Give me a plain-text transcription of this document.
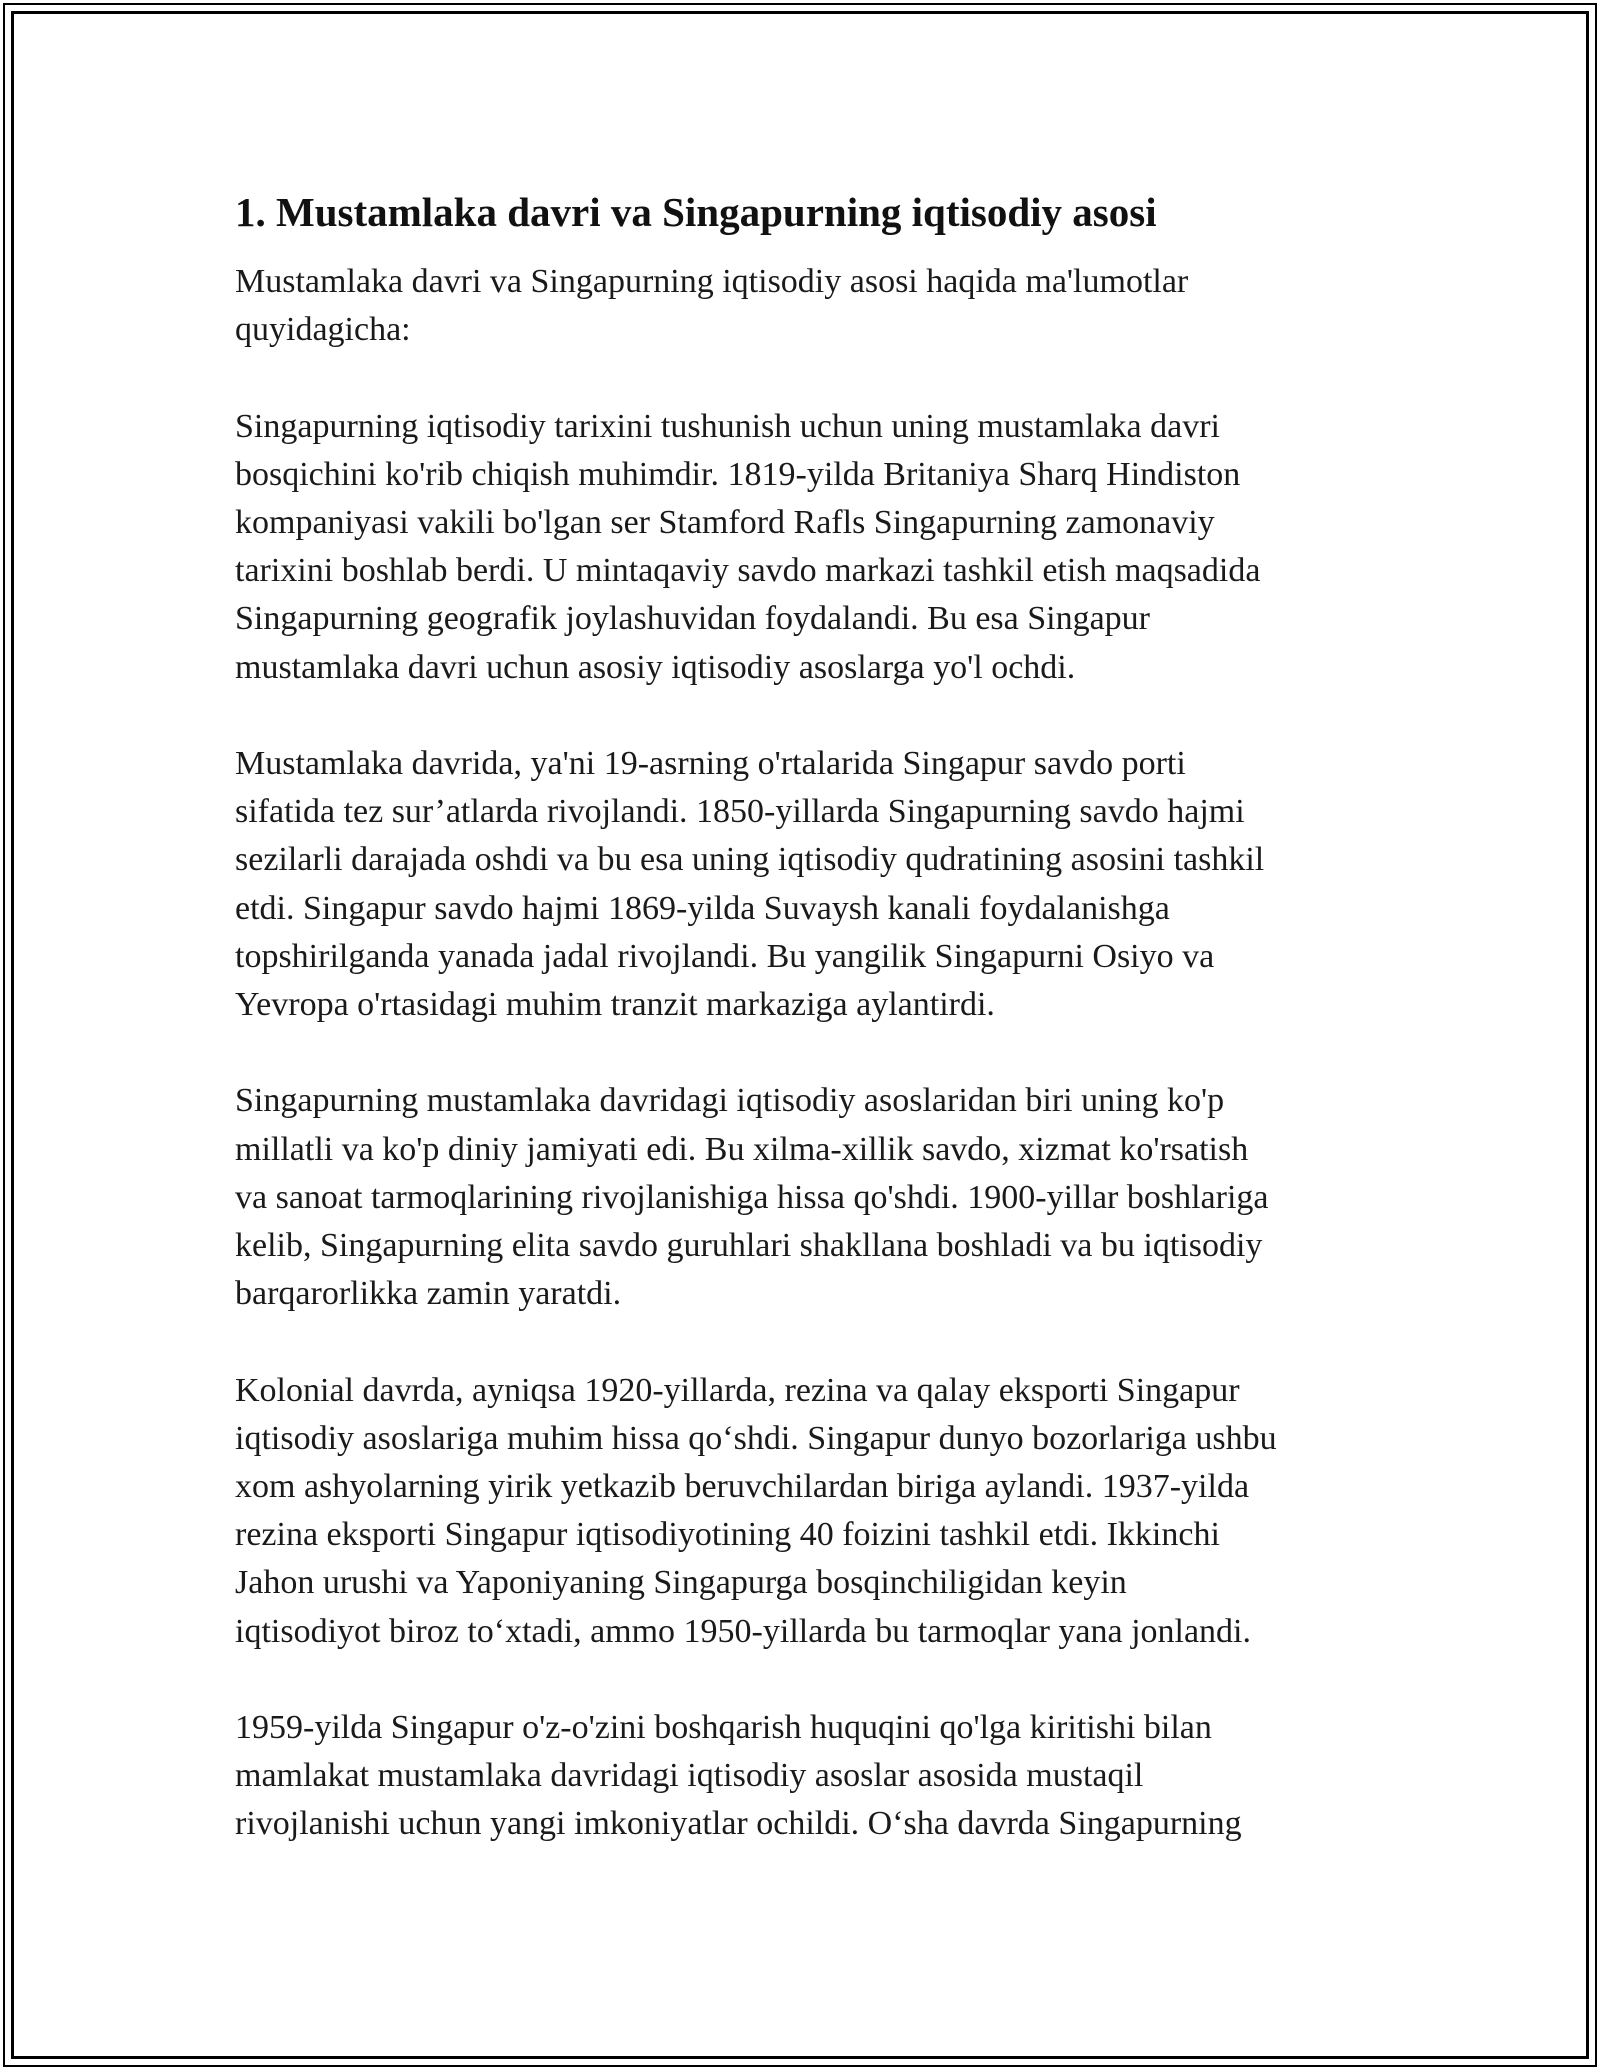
1. Mustamlaka davri va Singapurning iqtisodiy asosi

Mustamlaka davri va Singapurning iqtisodiy asosi haqida ma'lumotlar
quyidagicha:

Singapurning iqtisodiy tarixini tushunish uchun uning mustamlaka davri
bosqichini ko'rib chiqish muhimdir. 1819-yilda Britaniya Sharq Hindiston
kompaniyasi vakili bo'lgan ser Stamford Rafls Singapurning zamonaviy
tarixini boshlab berdi. U mintaqaviy savdo markazi tashkil etish maqsadida
Singapurning geografik joylashuvidan foydalandi. Bu esa Singapur
mustamlaka davri uchun asosiy iqtisodiy asoslarga yo'l ochdi.

Mustamlaka davrida, ya'ni 19-asrning o'rtalarida Singapur savdo porti
sifatida tez sur’atlarda rivojlandi. 1850-yillarda Singapurning savdo hajmi
sezilarli darajada oshdi va bu esa uning iqtisodiy qudratining asosini tashkil
etdi. Singapur savdo hajmi 1869-yilda Suvaysh kanali foydalanishga
topshirilganda yanada jadal rivojlandi. Bu yangilik Singapurni Osiyo va
Yevropa o'rtasidagi muhim tranzit markaziga aylantirdi.

Singapurning mustamlaka davridagi iqtisodiy asoslaridan biri uning ko'p
millatli va ko'p diniy jamiyati edi. Bu xilma-xillik savdo, xizmat ko'rsatish
va sanoat tarmoqlarining rivojlanishiga hissa qo'shdi. 1900-yillar boshlariga
kelib, Singapurning elita savdo guruhlari shakllana boshladi va bu iqtisodiy
barqarorlikka zamin yaratdi.

Kolonial davrda, ayniqsa 1920-yillarda, rezina va qalay eksporti Singapur
iqtisodiy asoslariga muhim hissa qo‘shdi. Singapur dunyo bozorlariga ushbu
xom ashyolarning yirik yetkazib beruvchilardan biriga aylandi. 1937-yilda
rezina eksporti Singapur iqtisodiyotining 40 foizini tashkil etdi. Ikkinchi
Jahon urushi va Yaponiyaning Singapurga bosqinchiligidan keyin
iqtisodiyot biroz to‘xtadi, ammo 1950-yillarda bu tarmoqlar yana jonlandi.

1959-yilda Singapur o'z-o'zini boshqarish huquqini qo'lga kiritishi bilan
mamlakat mustamlaka davridagi iqtisodiy asoslar asosida mustaqil
rivojlanishi uchun yangi imkoniyatlar ochildi. O‘sha davrda Singapurning
